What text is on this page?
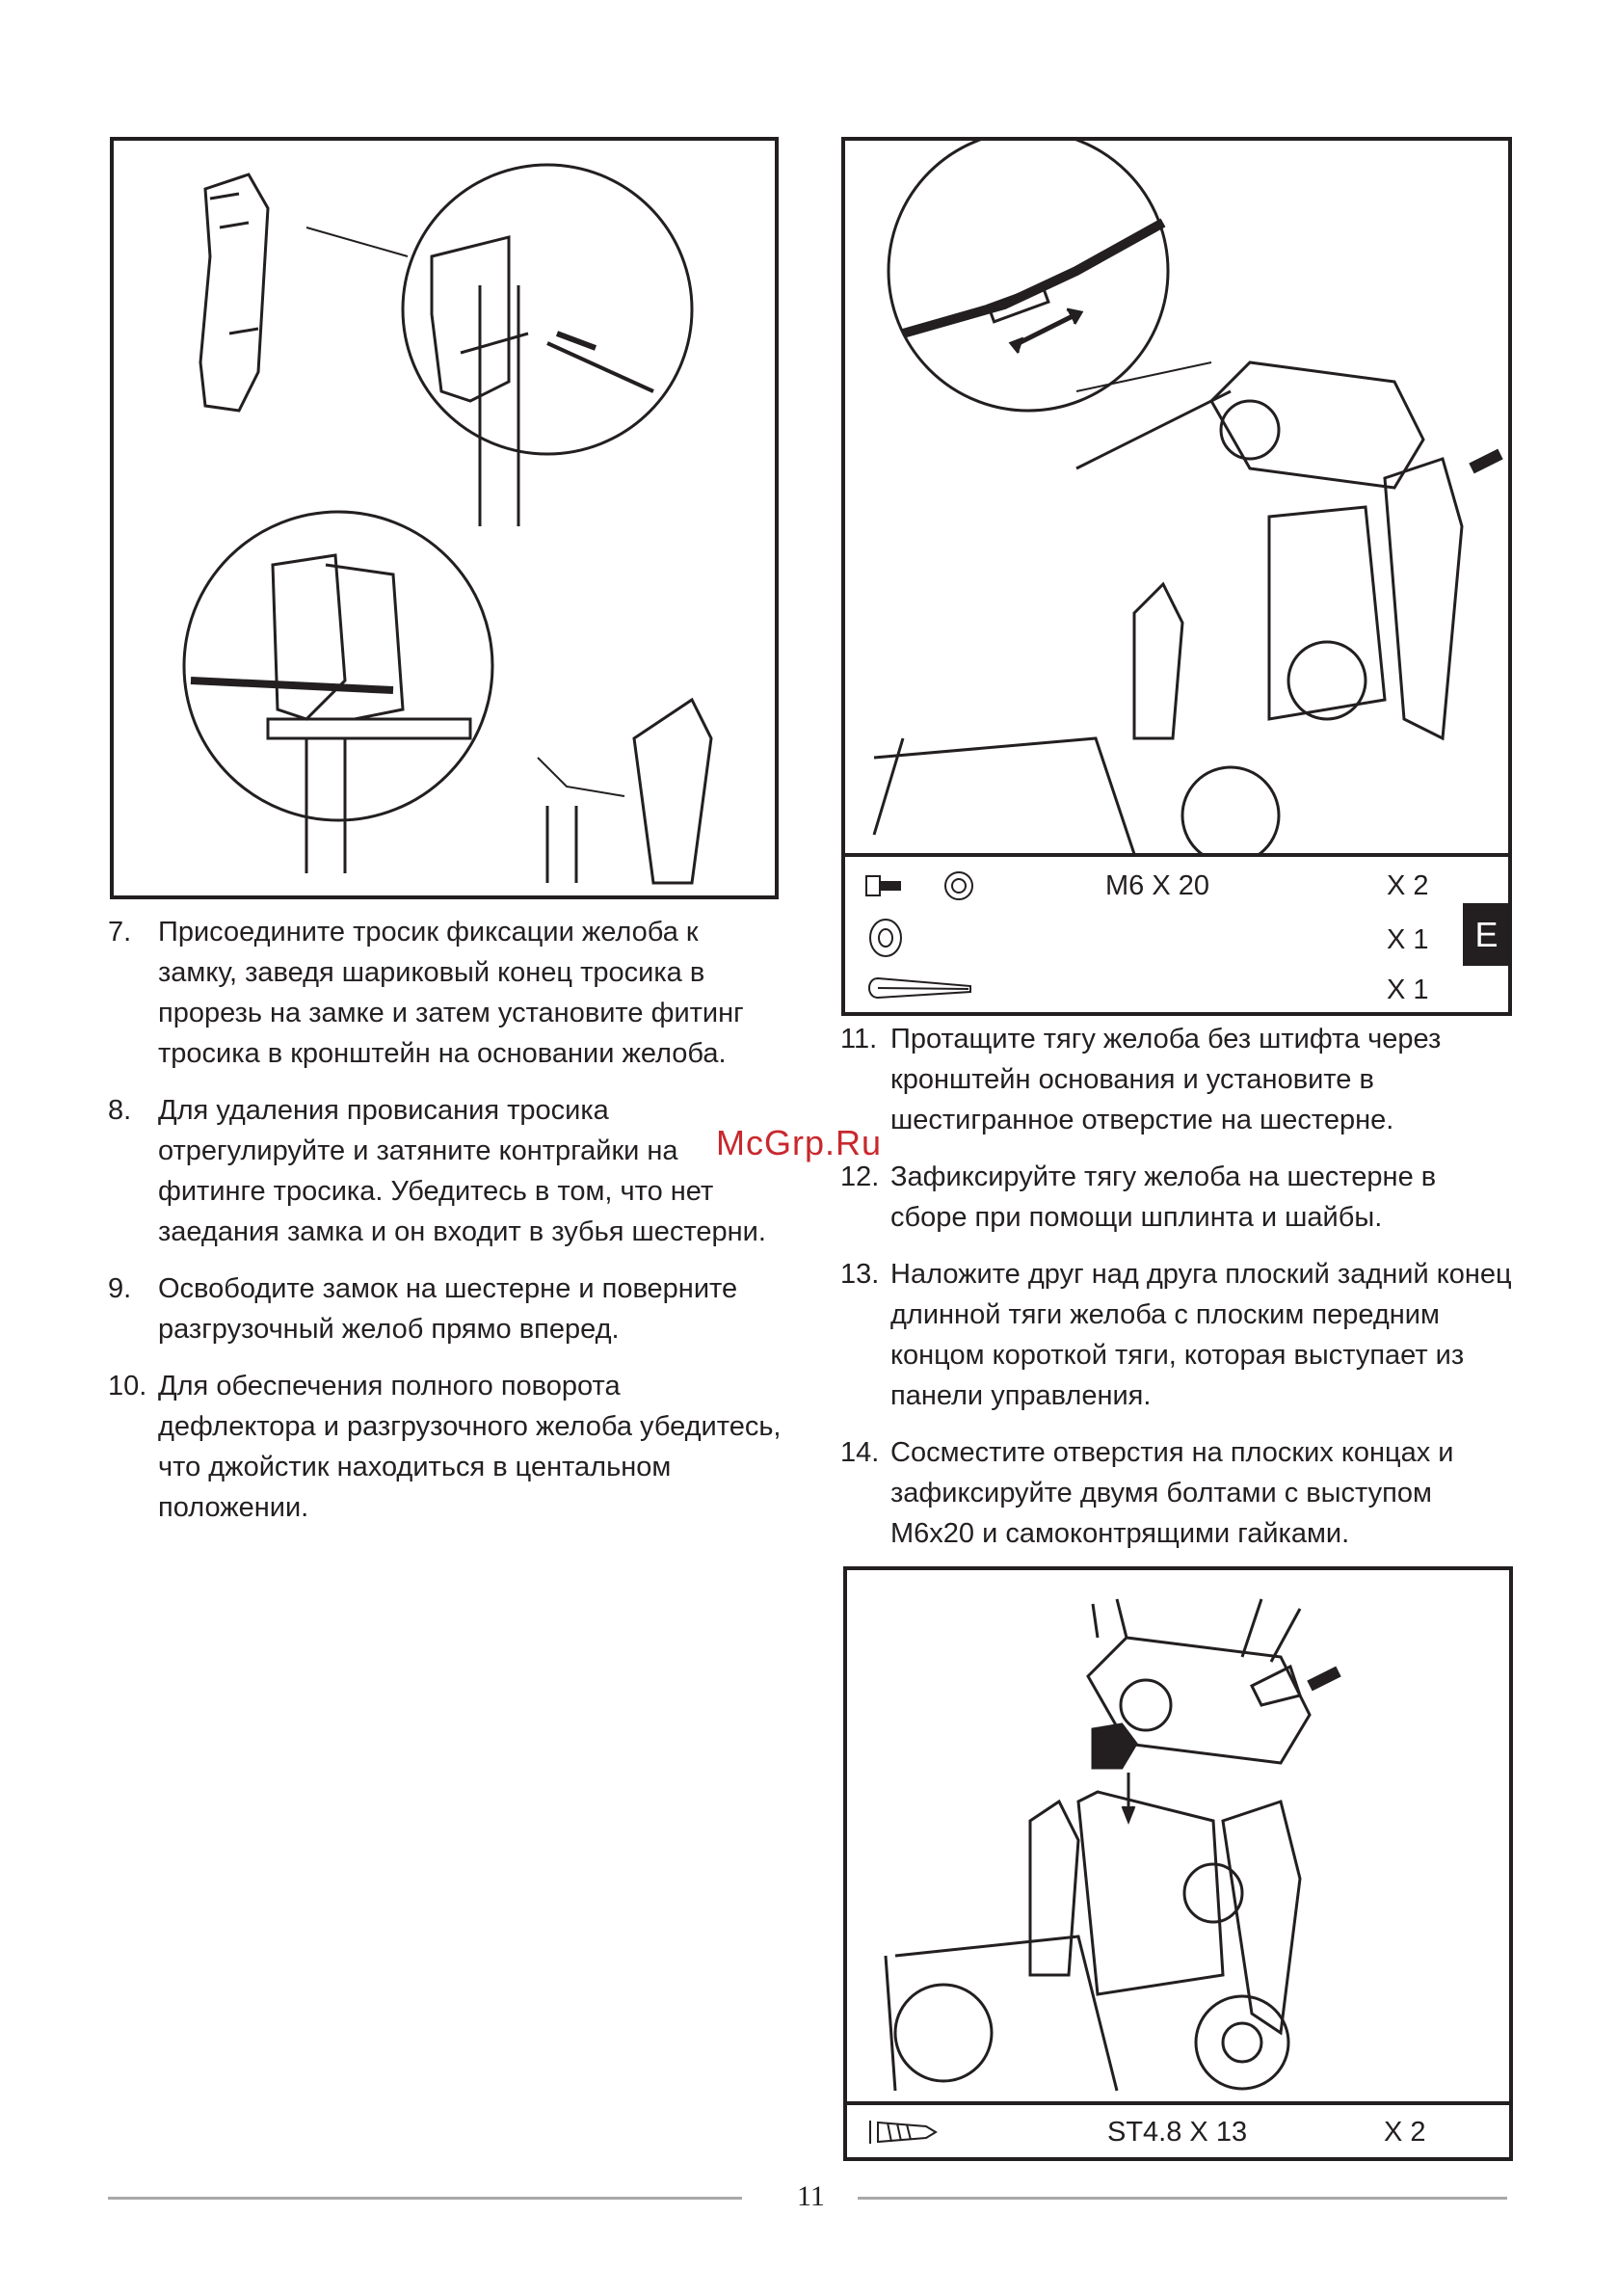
M6 X 20	X 2
X 1
X 1
E
McGrp.Ru
7. Присоедините тросик фиксации желоба к замку, заведя шариковый конец тросика в прорезь на замке и затем установите фитинг тросика в кронштейн на основании желоба.
8. Для удаления провисания тросика отрегулируйте и затяните контргайки на фитинге тросика. Убедитесь в том, что нет заедания замка и он входит в зубья шестерни.
9. Освободите замок на шестерне и поверните разгрузочный желоб прямо вперед.
10. Для обеспечения полного поворота дефлектора и разгрузочного желоба убедитесь, что джойстик находиться в центальном положении.
11. Протащите тягу желоба без штифта через кронштейн основания и установите в шестигранное отверстие на шестерне.
12. Зафиксируйте тягу желоба на шестерне в сборе при помощи шплинта и шайбы.
13. Наложите друг над друга плоский задний конец длинной тяги желоба с плоским передним концом короткой тяги, которая выступает из панели управления.
14. Сосместите отверстия на плоских концах и зафиксируйте двумя болтами с выступом М6х20 и самоконтрящими гайками.
ST4.8 X 13	X 2
11
